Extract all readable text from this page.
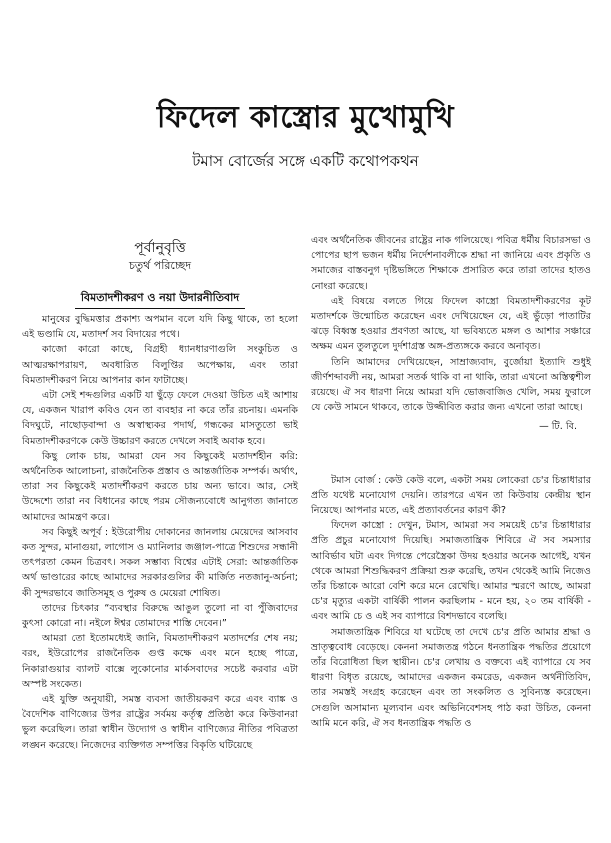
ফিদেল কাস্ত্রোর মুখোমুখি
টমাস বোর্জের সঙ্গে একটি কথোপকথন
পূর্বানুবৃত্তি
চতুর্থ পরিচ্ছেদ
বিমতাদশীকরণ ও নয়া উদারনীতিবাদ

মানুষের বুদ্ধিমত্তার প্রকাশ্য অপমান বলে যদি কিছু থাকে, তা হলো এই ভণ্ডামি যে, মতাদর্শ সব বিদায়ের পথে।

কাজো কারো কাছে, বিগ্রহী ধ্যানধারণাগুলি সংকুচিত ও আত্মরক্ষাপরায়ণ, অবধারিত বিলুপ্তির অপেক্ষায়, এবং তারা বিমতাদশীকরণ নিয়ে আপনার কান ফাটাচ্ছে।

এটা সেই শব্দগুলির একটি যা ছুঁড়ে ফেলে দেওয়া উচিত এই আশায় যে, একজন খারাপ কবিও যেন তা ব্যবহার না করে তাঁর রচনায়। এমনকি বিদঘুটে, নাছোড়বান্দা ও অস্বাস্থ্যকর পদার্থ, গন্ধকের মাসতুতো ভাই বিমতাদশীকরণকে কেউ উচ্চারণ করতে দেখলে সবাই অবাক হবে।

কিছু লোক চায়, আমরা যেন সব কিছুকেই মতাদর্শহীন করি: অর্থনৈতিক আলোচনা, রাজনৈতিক প্রস্তাব ও আন্তর্জাতিক সম্পর্ক। অর্থাৎ, তারা সব কিছুকেই মতাদর্শীকরণ করতে চায় অন্য ভাবে। আর, সেই উদ্দেশ্যে তারা নব বিধানের কাছে পরম সৌজন্যবোধে আনুগত্য জানাতে আমাদের আমন্ত্রণ করে।

সব কিছুই অপূর্ব : ইউরোপীয় দোকানের জানলায় মেয়েদের আসবাব কত সুন্দর, মানাগুয়া, লাগোস ও ম্যানিলার জঞ্জাল-পাত্রে শিশুদের সন্ধানী তৎপরতা কেমন চিত্রবৎ। সকল সম্ভাব্য বিশ্বের এটাই সেরা: আন্তর্জাতিক অর্থ ভাণ্ডারের কাছে আমাদের সরকারগুলির কী মার্জিত নতজানু-অর্চনা; কী সুন্দরভাবে জাতিসমূহ ও পুরুষ ও মেয়েরা শোষিত।

তাদের চিৎকার “ব্যবস্থার বিরুদ্ধে আঙুল তুলো না বা পুঁজিবাদের কুৎসা কোরো না। নইলে ঈশ্বর তোমাদের শাস্তি দেবেন।”

আমরা তো ইতোমধ্যেই জানি, বিমতাদশীকরণ মতাদর্শের শেষ নয়; বরং, ইউরোপের রাজনৈতিক গুপ্ত কক্ষে এবং মনে হচ্ছে পাত্রে, নিকারাগুয়ার ব্যালট বাক্সে লুকোনোর মার্কসবাদের সচেষ্ট করবার এটা অস্পষ্ট সংকেত।

এই যুক্তি অনুযায়ী, সমস্ত ব্যবসা জাতীয়করণ করে এবং ব্যাঙ্ক ও বৈদেশিক বাণিজ্যের উপর রাষ্ট্রের সর্বময় কর্তৃত্ব প্রতিষ্ঠা করে কিউবানরা ভুল করেছিল। তারা স্বাধীন উদ্যোগ ও স্বাধীন বাণিজ্যের নীতির পবিত্রতা লঙ্ঘন করেছে। নিজেদের ব্যক্তিগত সম্পত্তির বিকৃতি ঘটিয়েছে

এবং অর্থনৈতিক জীবনের রাষ্ট্রের নাক গলিয়েছে। পবিত্র ধর্মীয় বিচারসভা ও পোপের ছাপ ভজন ধর্মীয় নির্দেশনাবলীকে শ্রদ্ধা না জানিয়ে এবং প্রকৃতি ও সমাজের বাস্তবনুগ দৃষ্টিভঙ্গিতে শিক্ষাকে প্রসারিত করে তারা তাদের হাতও নোংরা করেছে।

এই বিষয়ে বলতে গিয়ে ফিদেল কাস্ত্রো বিমতাদশীকরণের কূট মতাদর্শকে উন্মোচিত করেছেন এবং দেখিয়েছেন যে, এই ভুঁড়ো পাতাটির ঝড়ে বিধ্বস্ত হওয়ার প্রবণতা আছে, যা ভবিষ্যতে মঙ্গল ও আশার সঞ্চারে অক্ষম এমন তুলতুলে দুর্দশাগ্রস্ত অঙ্গ-প্রত্যঙ্গকে করবে অনাবৃত।

তিনি আমাদের দেখিয়েছেন, সাম্রাজ্যবাদ, বুর্জোয়া ইত্যাদি শুধুই জীর্ণশব্দাবলী নয়, আমরা সতর্ক থাকি বা না থাকি, তারা এখনো অস্তিত্বশীল রয়েছে। ঐ সব ধারণা নিয়ে আমরা যদি ভোজবাজিও খেলি, সময় ফুরালে যে কেউ সামনে থাকবে, তাকে উজ্জীবিত করার জন্য এখনো তারা আছে।

— টি. বি.

টমাস বোর্জ : কেউ কেউ বলে, একটা সময় লোকেরা চে'র চিন্তাধারার প্রতি যথেষ্ট মনোযোগ দেয়নি। তারপরে এখন তা কিউবায় কেন্দ্রীয় স্থান নিয়েছে। আপনার মতে, এই প্রত্যাবর্তনের কারণ কী?

ফিদেল কাস্ত্রো : দেখুন, টমাস, আমরা সব সময়েই চে'র চিন্তাধারার প্রতি প্রচুর মনোযোগ দিয়েছি। সমাজতান্ত্রিক শিবিরে ঐ সব সমস্যার আবির্ভাব ঘটা এবং দিগন্তে পেরেস্ত্রৈকা উদয় হওয়ার অনেক আগেই, যখন থেকে আমরা শিশুদ্ধিকরণ প্রক্রিয়া শুরু করেছি, তখন থেকেই আমি নিজেও তাঁর চিন্তাকে আরো বেশি করে মনে রেখেছি। আমার স্মরণে আছে, আমরা চে'র মৃত্যুর একটা বার্ষিকী পালন করছিলাম - মনে হয়, ২০ তম বার্ষিকী - এবং আমি চে ও এই সব ব্যাপারে বিশদভাবে বলেছি।

সমাজতান্ত্রিক শিবিরে যা ঘটেছে তা দেখে চে'র প্রতি আমার শ্রদ্ধা ও ভ্রাতৃত্ববোধ বেড়েছে। কেননা সমাজতন্ত্র গঠনে ধনতান্ত্রিক পদ্ধতির প্রয়োগে তাঁর বিরোধিতা ছিল স্থায়ীন। চে'র লেখায় ও বক্তব্যে এই ব্যাপারে যে সব ধারণা বিধৃত রয়েছে, আমাদের একজন কমরেড, একজন অর্থনীতিবিদ, তার সমস্তই সংগ্রহ করেছেন এবং তা সংকলিত ও সুবিন্যস্ত করেছেন। সেগুলি অসামান্য মূল্যবান এবং অভিনিবেশসহ পাঠ করা উচিত, কেননা আমি মনে করি, ঐ সব ধনতান্ত্রিক পদ্ধতি ও
